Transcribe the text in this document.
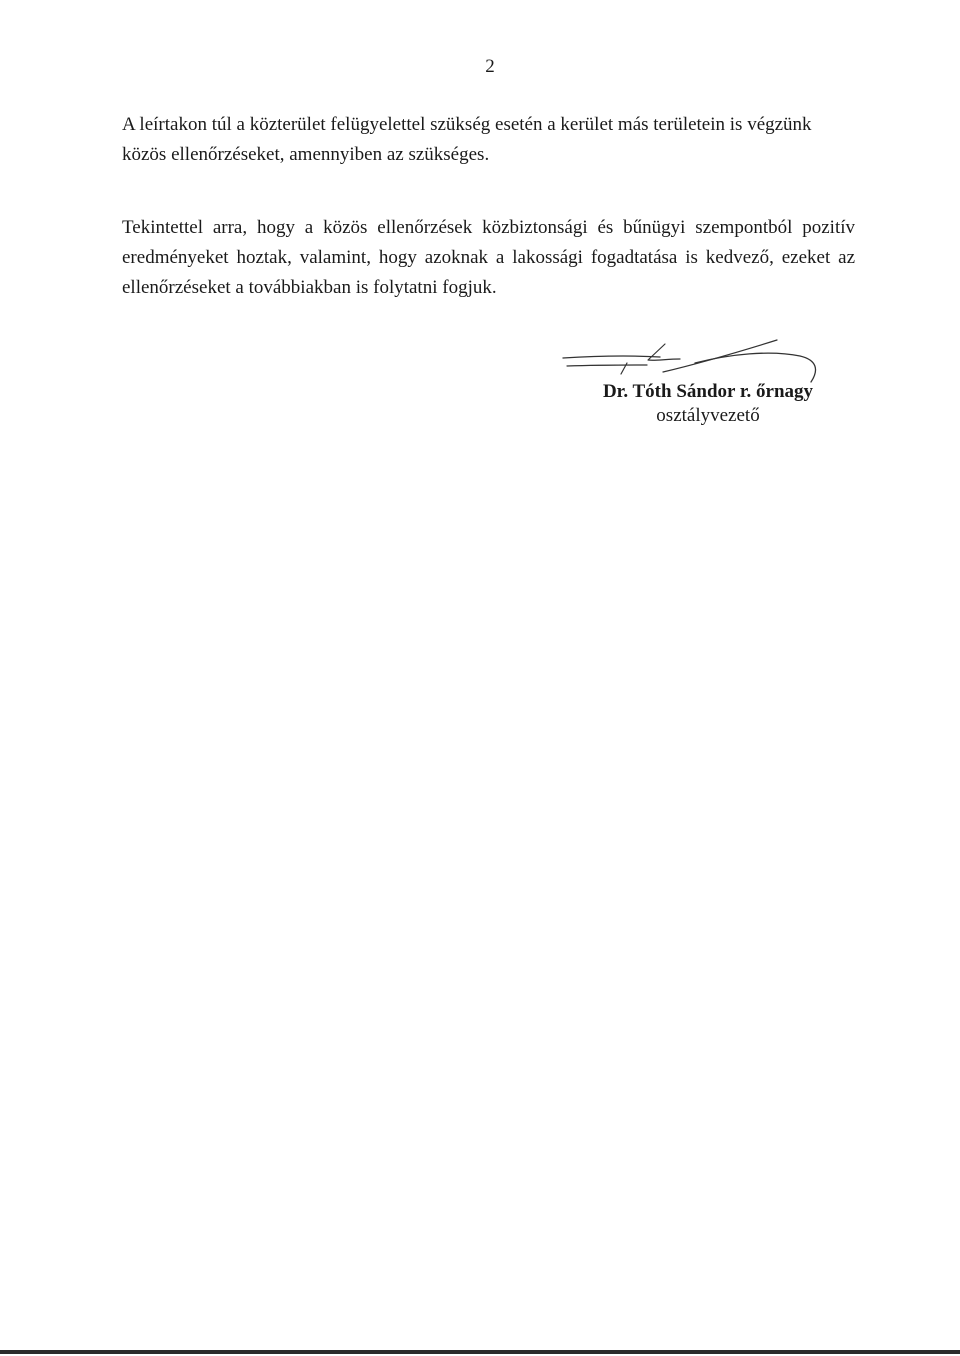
2

A leírtakon túl a közterület felügyelettel szükség esetén a kerület más területein is végzünk közös ellenőrzéseket, amennyiben az szükséges.

Tekintettel arra, hogy a közös ellenőrzések közbiztonsági és bűnügyi szempontból pozitív eredményeket hoztak, valamint, hogy azoknak a lakossági fogadtatása is kedvező, ezeket az ellenőrzéseket a továbbiakban is folytatni fogjuk.

Dr. Tóth Sándor r. őrnagy
osztályvezető
